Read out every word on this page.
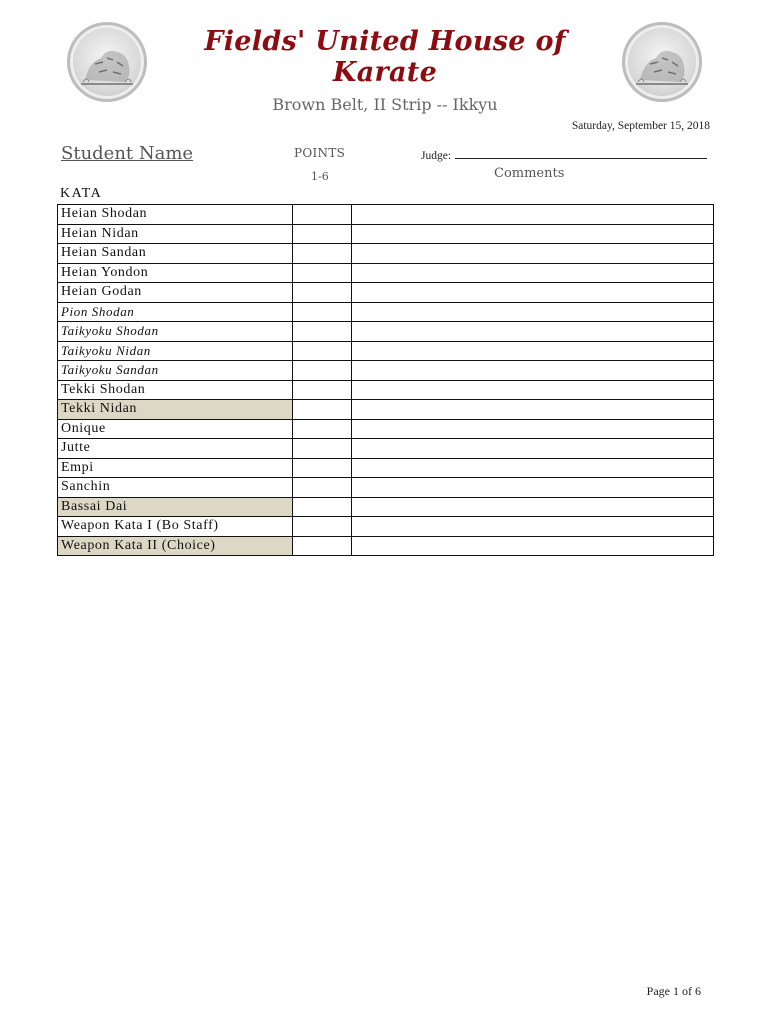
Fields' United House of Karate
Brown Belt, II Strip -- Ikkyu
Saturday, September 15, 2018
Student Name	POINTS
1-6
Judge:
Comments
KATA
Heian Shodan		
Heian Nidan		
Heian Sandan		
Heian Yondon		
Heian Godan		
Pion Shodan		
Taikyoku Shodan		
Taikyoku Nidan		
Taikyoku Sandan		
Tekki Shodan		
Tekki Nidan		
Onique		
Jutte		
Empi		
Sanchin		
Bassai Dai		
Weapon Kata I (Bo Staff)		
Weapon Kata II (Choice)		
Page 1 of 6
